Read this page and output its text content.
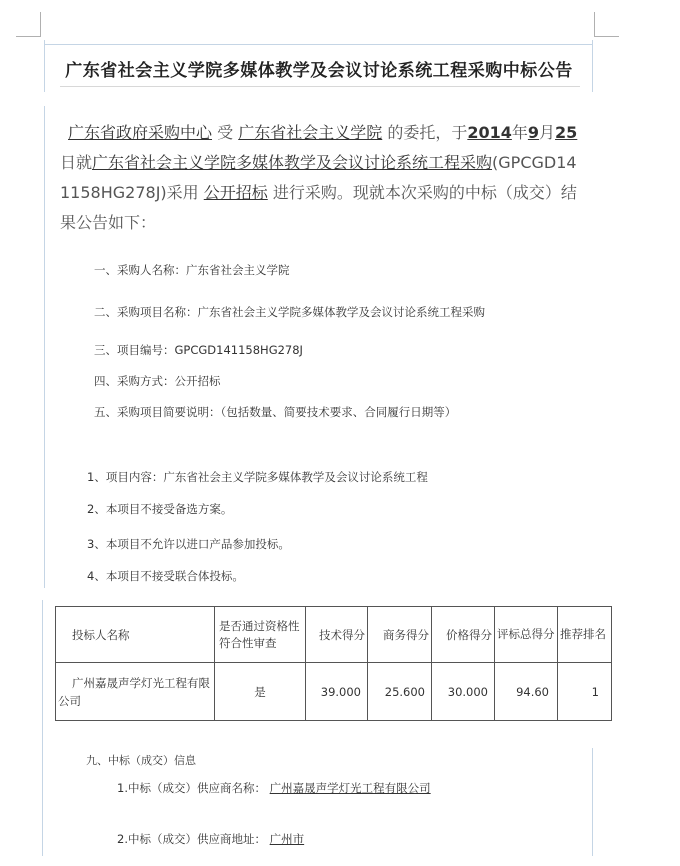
广东省社会主义学院多媒体教学及会议讨论系统工程采购中标公告
广东省政府采购中心 受 广东省社会主义学院 的委托，于2014年9月25日就广东省社会主义学院多媒体教学及会议讨论系统工程采购(GPCGD141158HG278J)采用 公开招标 进行采购。现就本次采购的中标（成交）结果公告如下：
一、采购人名称：广东省社会主义学院
二、采购项目名称：广东省社会主义学院多媒体教学及会议讨论系统工程采购
三、项目编号：GPCGD141158HG278J
四、采购方式：公开招标
五、采购项目简要说明：（包括数量、简要技术要求、合同履行日期等）
1、项目内容：广东省社会主义学院多媒体教学及会议讨论系统工程
2、本项目不接受备选方案。
3、本项目不允许以进口产品参加投标。
4、本项目不接受联合体投标。
投标人名称	是否通过资格性符合性审查	技术得分	商务得分	价格得分	评标总得分	推荐排名
广州嘉晟声学灯光工程有限公司	是	39.000	25.600	30.000	94.60	1
九、中标（成交）信息
1.中标（成交）供应商名称： 广州嘉晟声学灯光工程有限公司
2.中标（成交）供应商地址： 广州市
